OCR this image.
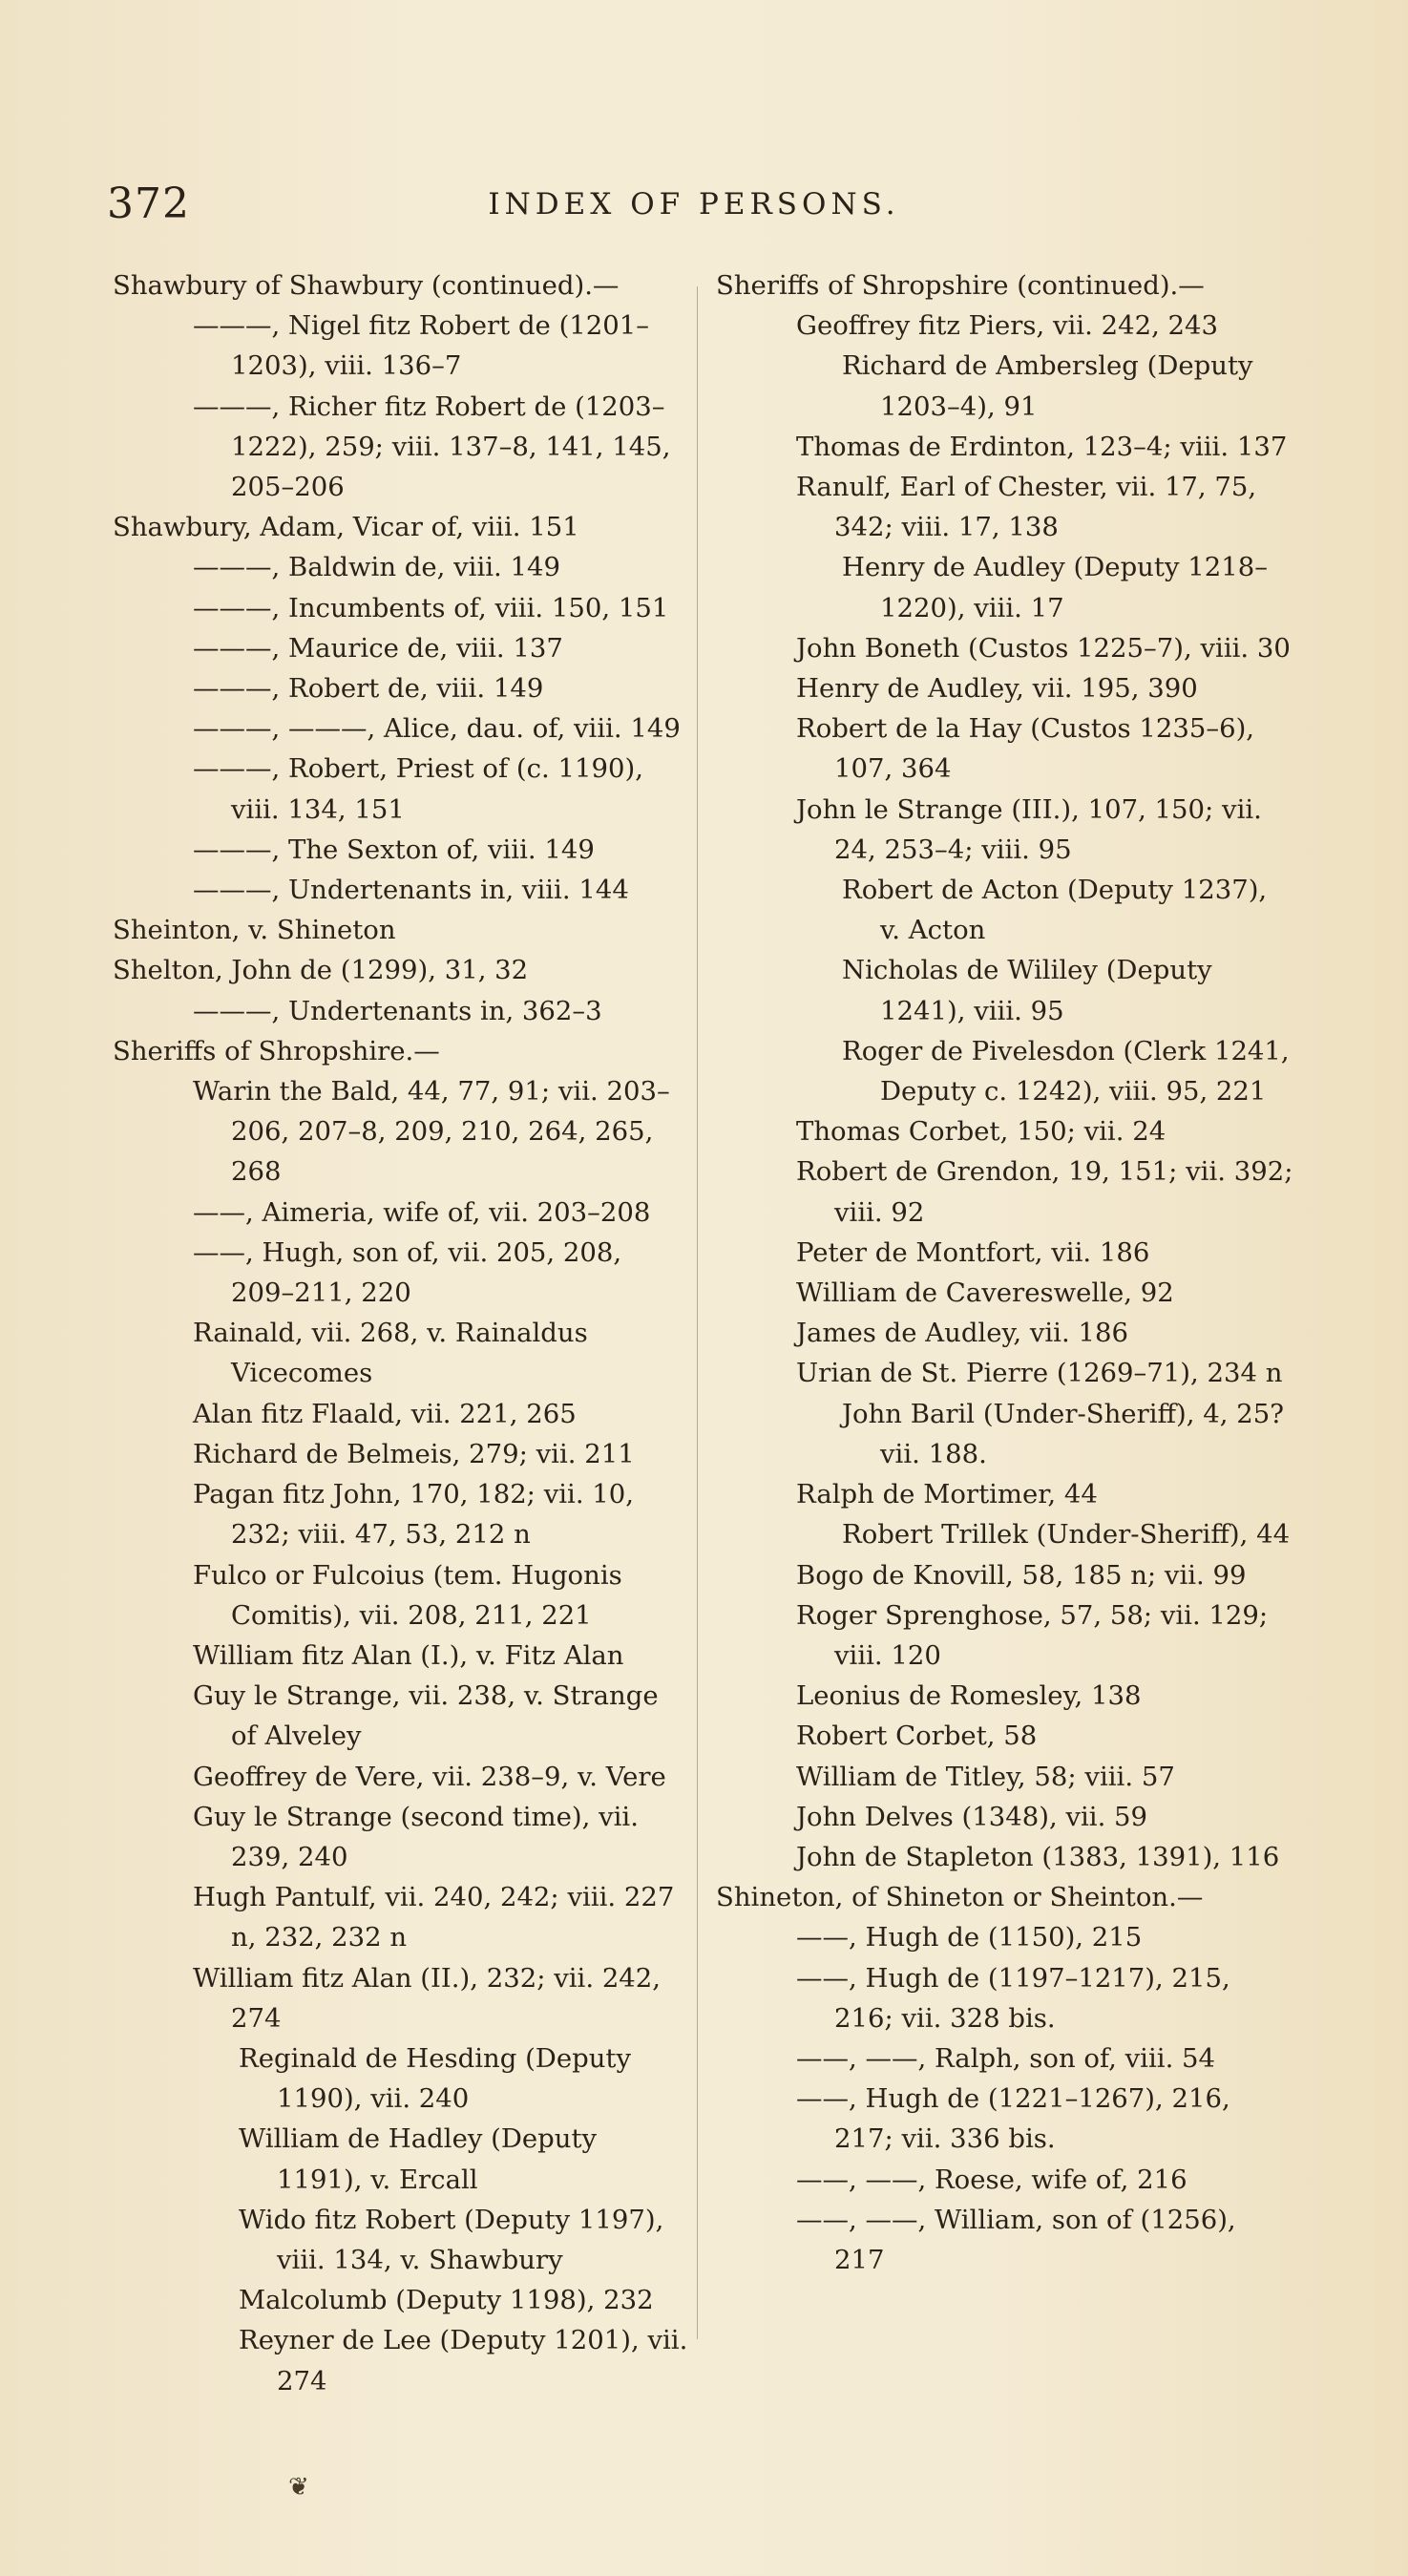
372	INDEX OF PERSONS.

Shawbury of Shawbury (continued).—

———, Nigel fitz Robert de (1201–1203), viii. 136–7

———, Richer fitz Robert de (1203–1222), 259; viii. 137–8, 141, 145, 205–206

Shawbury, Adam, Vicar of, viii. 151

———, Baldwin de, viii. 149

———, Incumbents of, viii. 150, 151

———, Maurice de, viii. 137

———, Robert de, viii. 149

———, ———, Alice, dau. of, viii. 149

———, Robert, Priest of (c. 1190), viii. 134, 151

———, The Sexton of, viii. 149

———, Undertenants in, viii. 144

Sheinton, v. Shineton

Shelton, John de (1299), 31, 32

———, Undertenants in, 362–3

Sheriffs of Shropshire.—

Warin the Bald, 44, 77, 91; vii. 203–206, 207–8, 209, 210, 264, 265, 268

——, Aimeria, wife of, vii. 203–208

——, Hugh, son of, vii. 205, 208, 209–211, 220

Rainald, vii. 268, v. Rainaldus Vicecomes

Alan fitz Flaald, vii. 221, 265

Richard de Belmeis, 279; vii. 211

Pagan fitz John, 170, 182; vii. 10, 232; viii. 47, 53, 212 n

Fulco or Fulcoius (tem. Hugonis Comitis), vii. 208, 211, 221

William fitz Alan (I.), v. Fitz Alan

Guy le Strange, vii. 238, v. Strange of Alveley

Geoffrey de Vere, vii. 238–9, v. Vere

Guy le Strange (second time), vii. 239, 240

Hugh Pantulf, vii. 240, 242; viii. 227 n, 232, 232 n

William fitz Alan (II.), 232; vii. 242, 274

Reginald de Hesding (Deputy 1190), vii. 240

William de Hadley (Deputy 1191), v. Ercall

Wido fitz Robert (Deputy 1197), viii. 134, v. Shawbury

Malcolumb (Deputy 1198), 232

Reyner de Lee (Deputy 1201), vii. 274

Sheriffs of Shropshire (continued).—

Geoffrey fitz Piers, vii. 242, 243

Richard de Ambersleg (Deputy 1203–4), 91

Thomas de Erdinton, 123–4; viii. 137

Ranulf, Earl of Chester, vii. 17, 75, 342; viii. 17, 138

Henry de Audley (Deputy 1218–1220), viii. 17

John Boneth (Custos 1225–7), viii. 30

Henry de Audley, vii. 195, 390

Robert de la Hay (Custos 1235–6), 107, 364

John le Strange (III.), 107, 150; vii. 24, 253–4; viii. 95

Robert de Acton (Deputy 1237), v. Acton

Nicholas de Wililey (Deputy 1241), viii. 95

Roger de Pivelesdon (Clerk 1241, Deputy c. 1242), viii. 95, 221

Thomas Corbet, 150; vii. 24

Robert de Grendon, 19, 151; vii. 392; viii. 92

Peter de Montfort, vii. 186

William de Cavereswelle, 92

James de Audley, vii. 186

Urian de St. Pierre (1269–71), 234 n

John Baril (Under-Sheriff), 4, 25? vii. 188.

Ralph de Mortimer, 44

Robert Trillek (Under-Sheriff), 44

Bogo de Knovill, 58, 185 n; vii. 99

Roger Sprenghose, 57, 58; vii. 129; viii. 120

Leonius de Romesley, 138

Robert Corbet, 58

William de Titley, 58; viii. 57

John Delves (1348), vii. 59

John de Stapleton (1383, 1391), 116

Shineton, of Shineton or Sheinton.—

——, Hugh de (1150), 215

——, Hugh de (1197–1217), 215, 216; vii. 328 bis.

——, ——, Ralph, son of, viii. 54

——, Hugh de (1221–1267), 216, 217; vii. 336 bis.

——, ——, Roese, wife of, 216

——, ——, William, son of (1256), 217

❦
